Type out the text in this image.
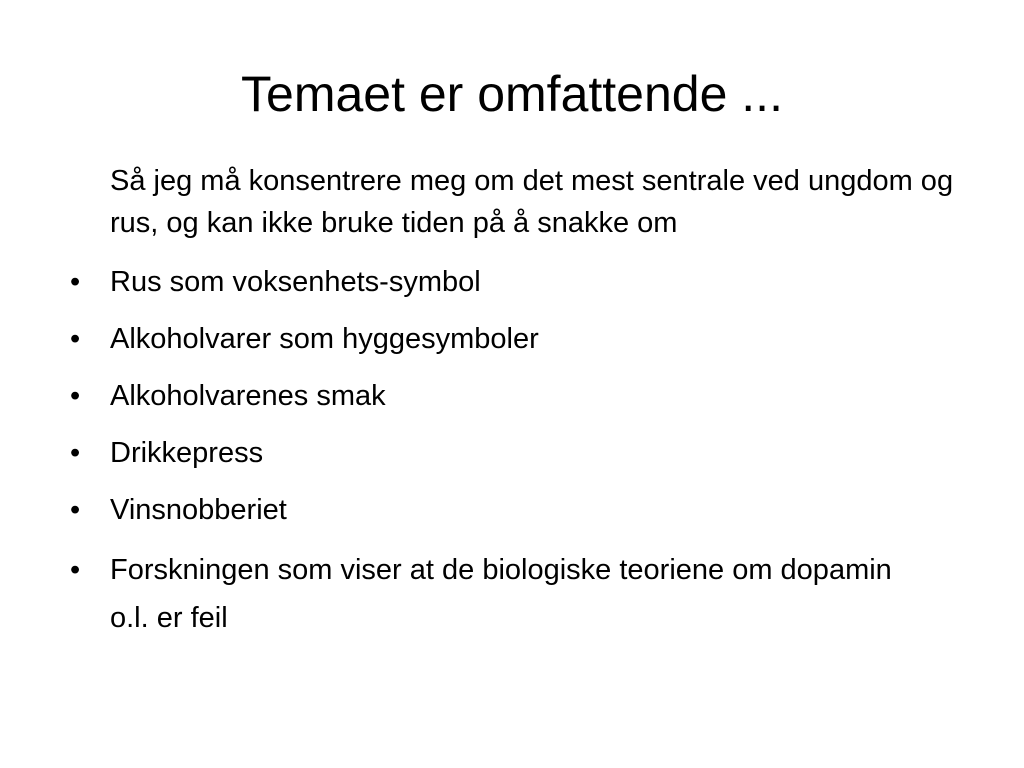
Temaet er omfattende ...

Så jeg må konsentrere meg om det mest sentrale ved ungdom og rus, og kan ikke bruke tiden på å snakke om

• Rus som voksenhets-symbol
• Alkoholvarer som hyggesymboler
• Alkoholvarenes smak
• Drikkepress
• Vinsnobberiet
• Forskningen som viser at de biologiske teoriene om dopamin o.l. er feil
